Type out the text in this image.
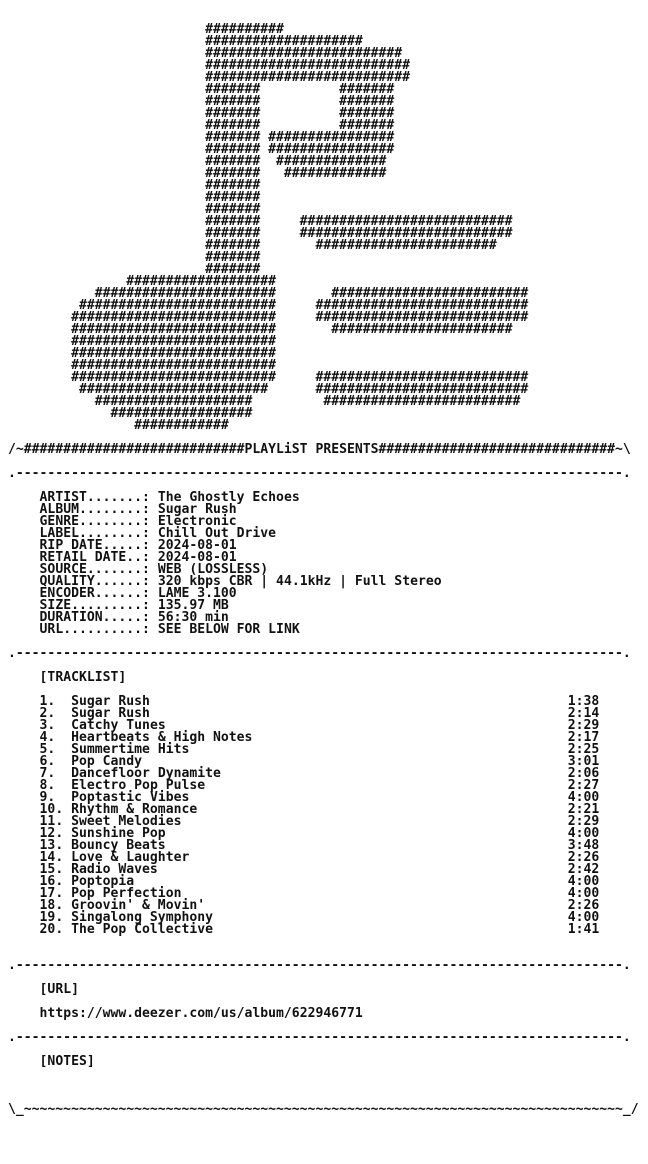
##########
####################
#########################
##########################
##########################
#######          #######
#######          #######
#######          #######
#######          #######
####### ################
####### ################
#######  ##############
#######   #############
#######
#######
#######
#######     ###########################
#######     ###########################
#######       #######################
#######
#######
###################
#######################       #########################
#########################     ###########################
##########################     ###########################
##########################       #######################
##########################
##########################
##########################
##########################     ###########################
########################      ###########################
####################         #########################
##################
############

/~############################PLAYLiST PRESENTS##############################~\

.-----------------------------------------------------------------------------.

ARTIST.......: The Ghostly Echoes
ALBUM........: Sugar Rush
GENRE........: Electronic
LABEL........: Chill Out Drive
RIP DATE.....: 2024-08-01
RETAIL DATE..: 2024-08-01
SOURCE.......: WEB (LOSSLESS)
QUALITY......: 320 kbps CBR | 44.1kHz | Full Stereo
ENCODER......: LAME 3.100
SIZE.........: 135.97 MB
DURATION.....: 56:30 min
URL..........: SEE BELOW FOR LINK

.-----------------------------------------------------------------------------.

[TRACKLIST]

1. Sugar Rush	1:38
2. Sugar Rush	2:14
3. Catchy Tunes	2:29
4. Heartbeats & High Notes	2:17
5. Summertime Hits	2:25
6. Pop Candy	3:01
7. Dancefloor Dynamite	2:06
8. Electro Pop Pulse	2:27
9. Poptastic Vibes	4:00
10. Rhythm & Romance	2:21
11. Sweet Melodies	2:29
12. Sunshine Pop	4:00
13. Bouncy Beats	3:48
14. Love & Laughter	2:26
15. Radio Waves	2:42
16. Poptopia	4:00
17. Pop Perfection	4:00
18. Groovin' & Movin'	2:26
19. Singalong Symphony	4:00
20. The Pop Collective	1:41

.-----------------------------------------------------------------------------.

[URL]

https://www.deezer.com/us/album/622946771

.-----------------------------------------------------------------------------.

[NOTES]

\_~~~~~~~~~~~~~~~~~~~~~~~~~~~~~~~~~~~~~~~~~~~~~~~~~~~~~~~~~~~~~~~~~~~~~~~~~~~~_/
